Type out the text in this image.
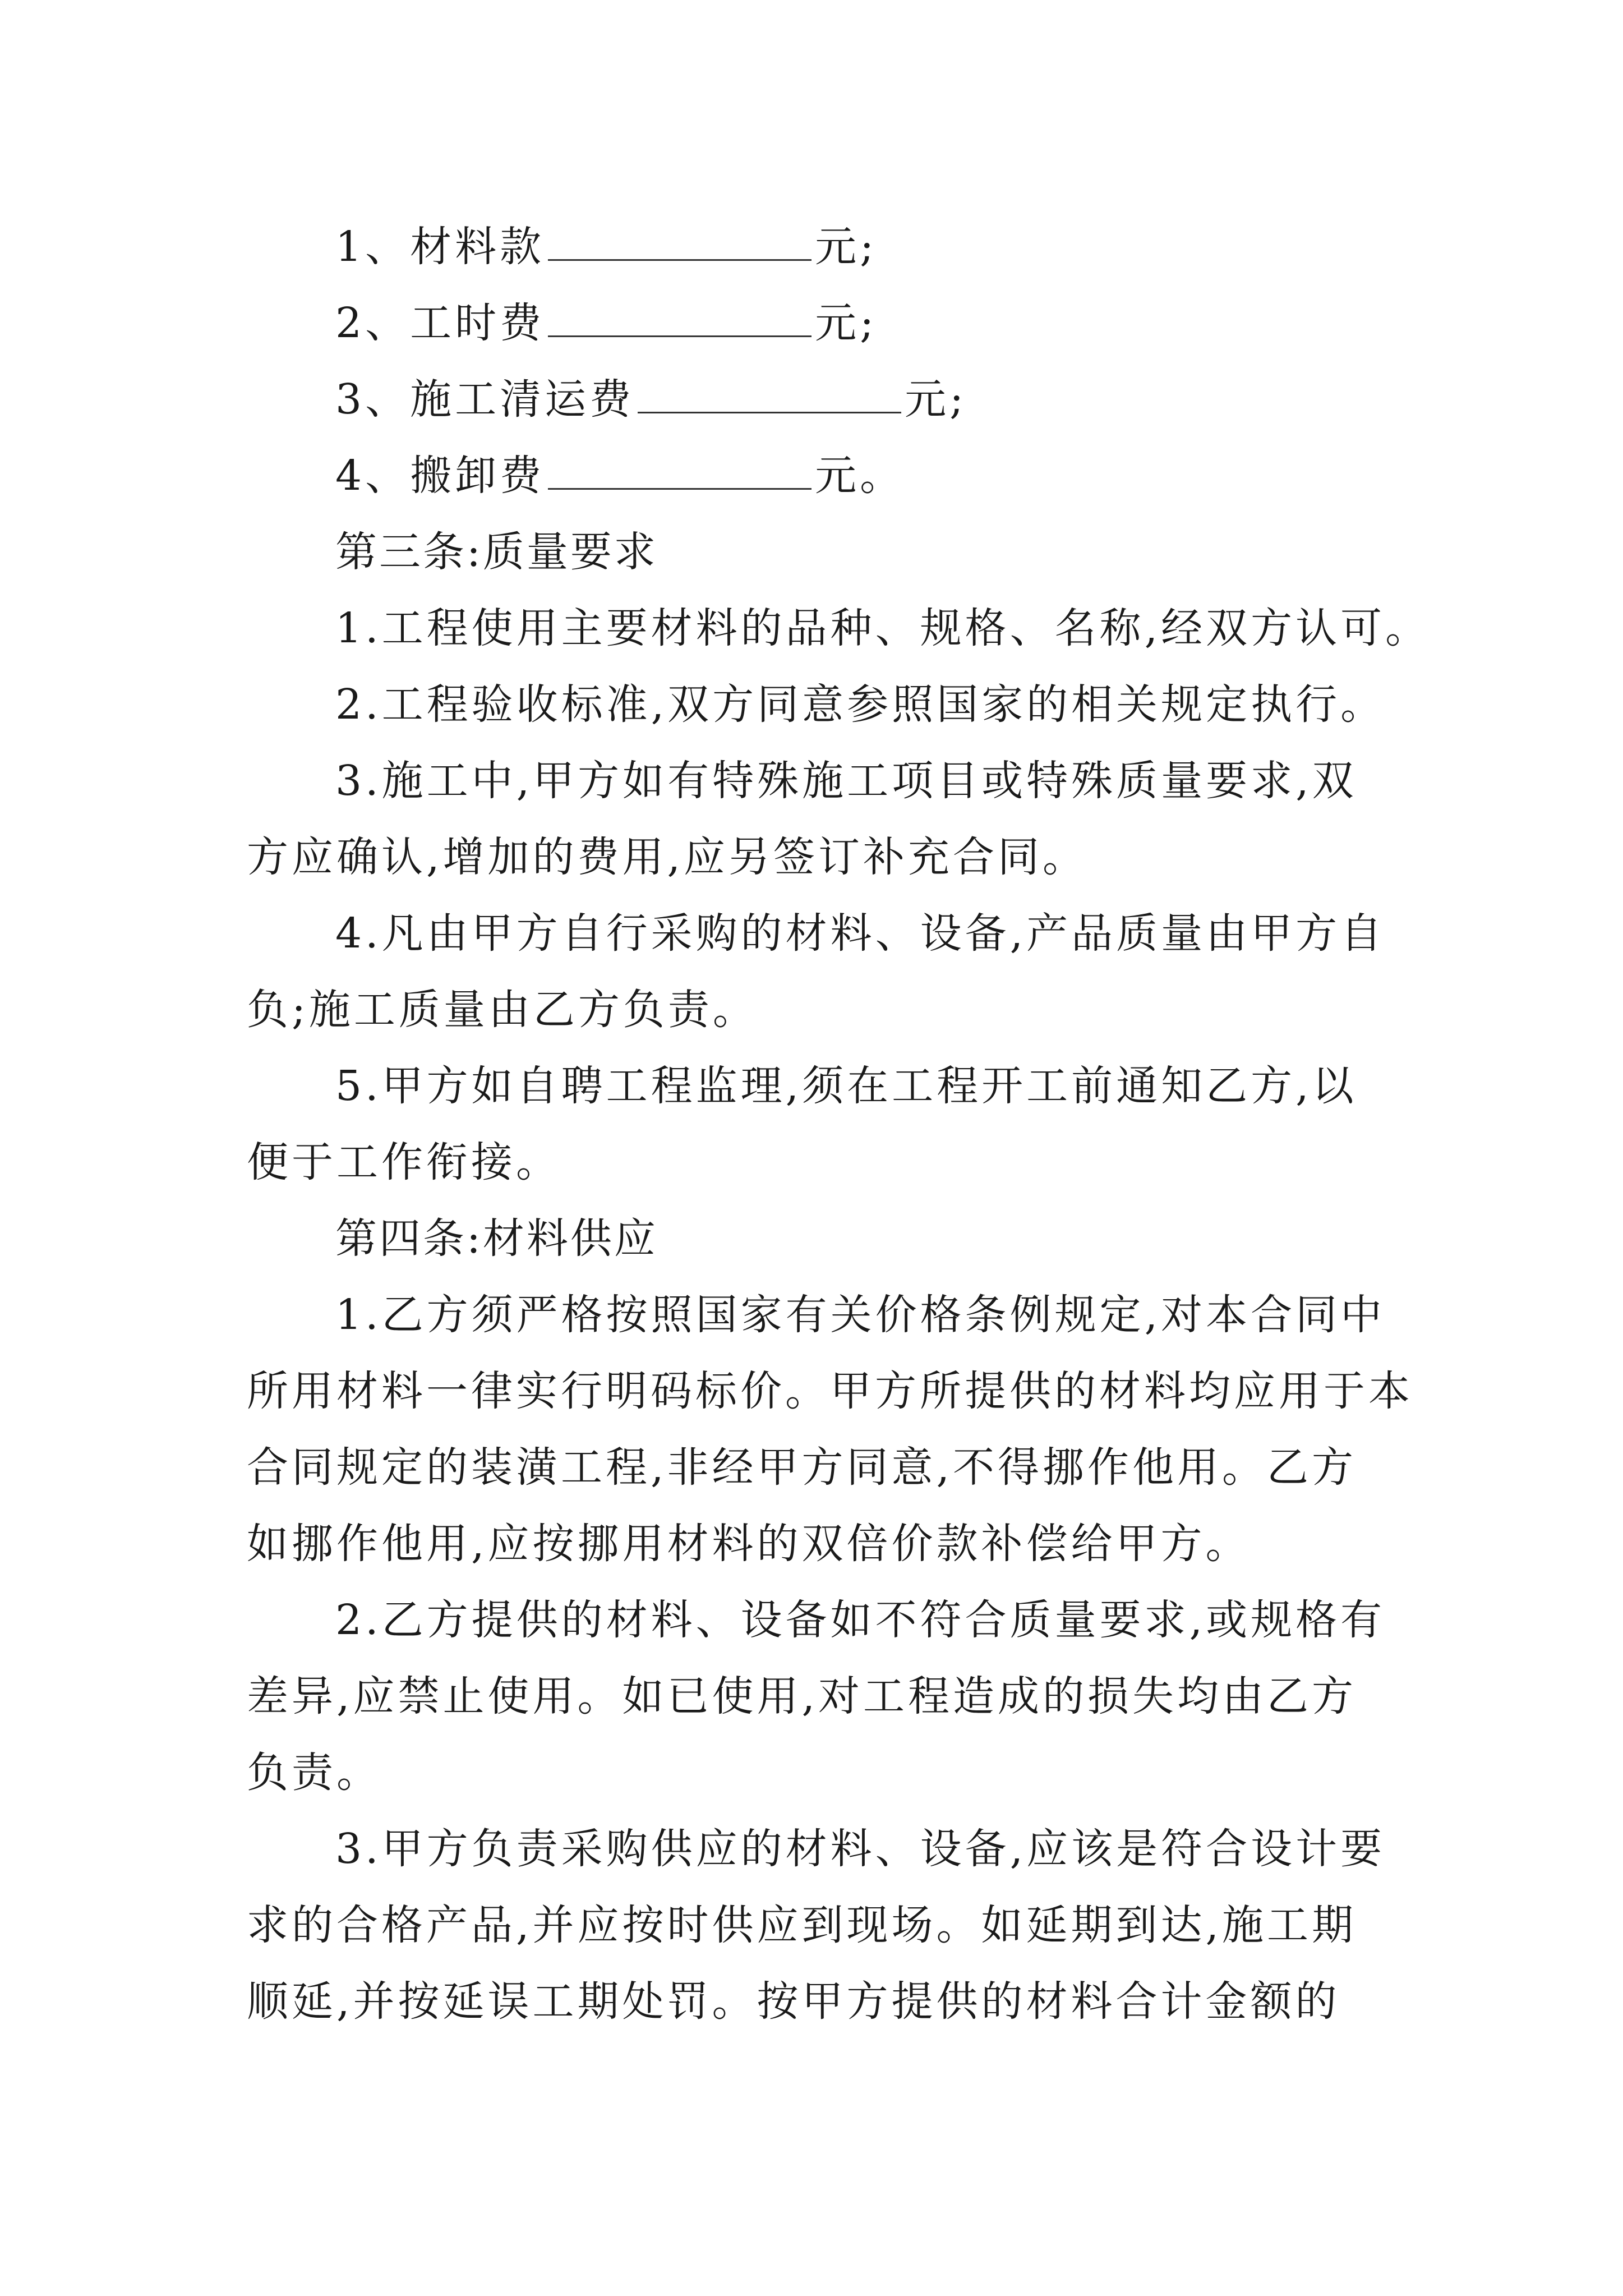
1、材料款	元;
2、工时费	元;
3、施工清运费	元;
4、搬卸费	元。
第三条:质量要求
1.工程使用主要材料的品种、规格、名称,经双方认可。
2.工程验收标准,双方同意参照国家的相关规定执行。
3.施工中,甲方如有特殊施工项目或特殊质量要求,双
方应确认,增加的费用,应另签订补充合同。
4.凡由甲方自行采购的材料、设备,产品质量由甲方自
负;施工质量由乙方负责。
5.甲方如自聘工程监理,须在工程开工前通知乙方,以
便于工作衔接。
第四条:材料供应
1.乙方须严格按照国家有关价格条例规定,对本合同中
所用材料一律实行明码标价。甲方所提供的材料均应用于本
合同规定的装潢工程,非经甲方同意,不得挪作他用。乙方
如挪作他用,应按挪用材料的双倍价款补偿给甲方。
2.乙方提供的材料、设备如不符合质量要求,或规格有
差异,应禁止使用。如已使用,对工程造成的损失均由乙方
负责。
3.甲方负责采购供应的材料、设备,应该是符合设计要
求的合格产品,并应按时供应到现场。如延期到达,施工期
顺延,并按延误工期处罚。按甲方提供的材料合计金额的
